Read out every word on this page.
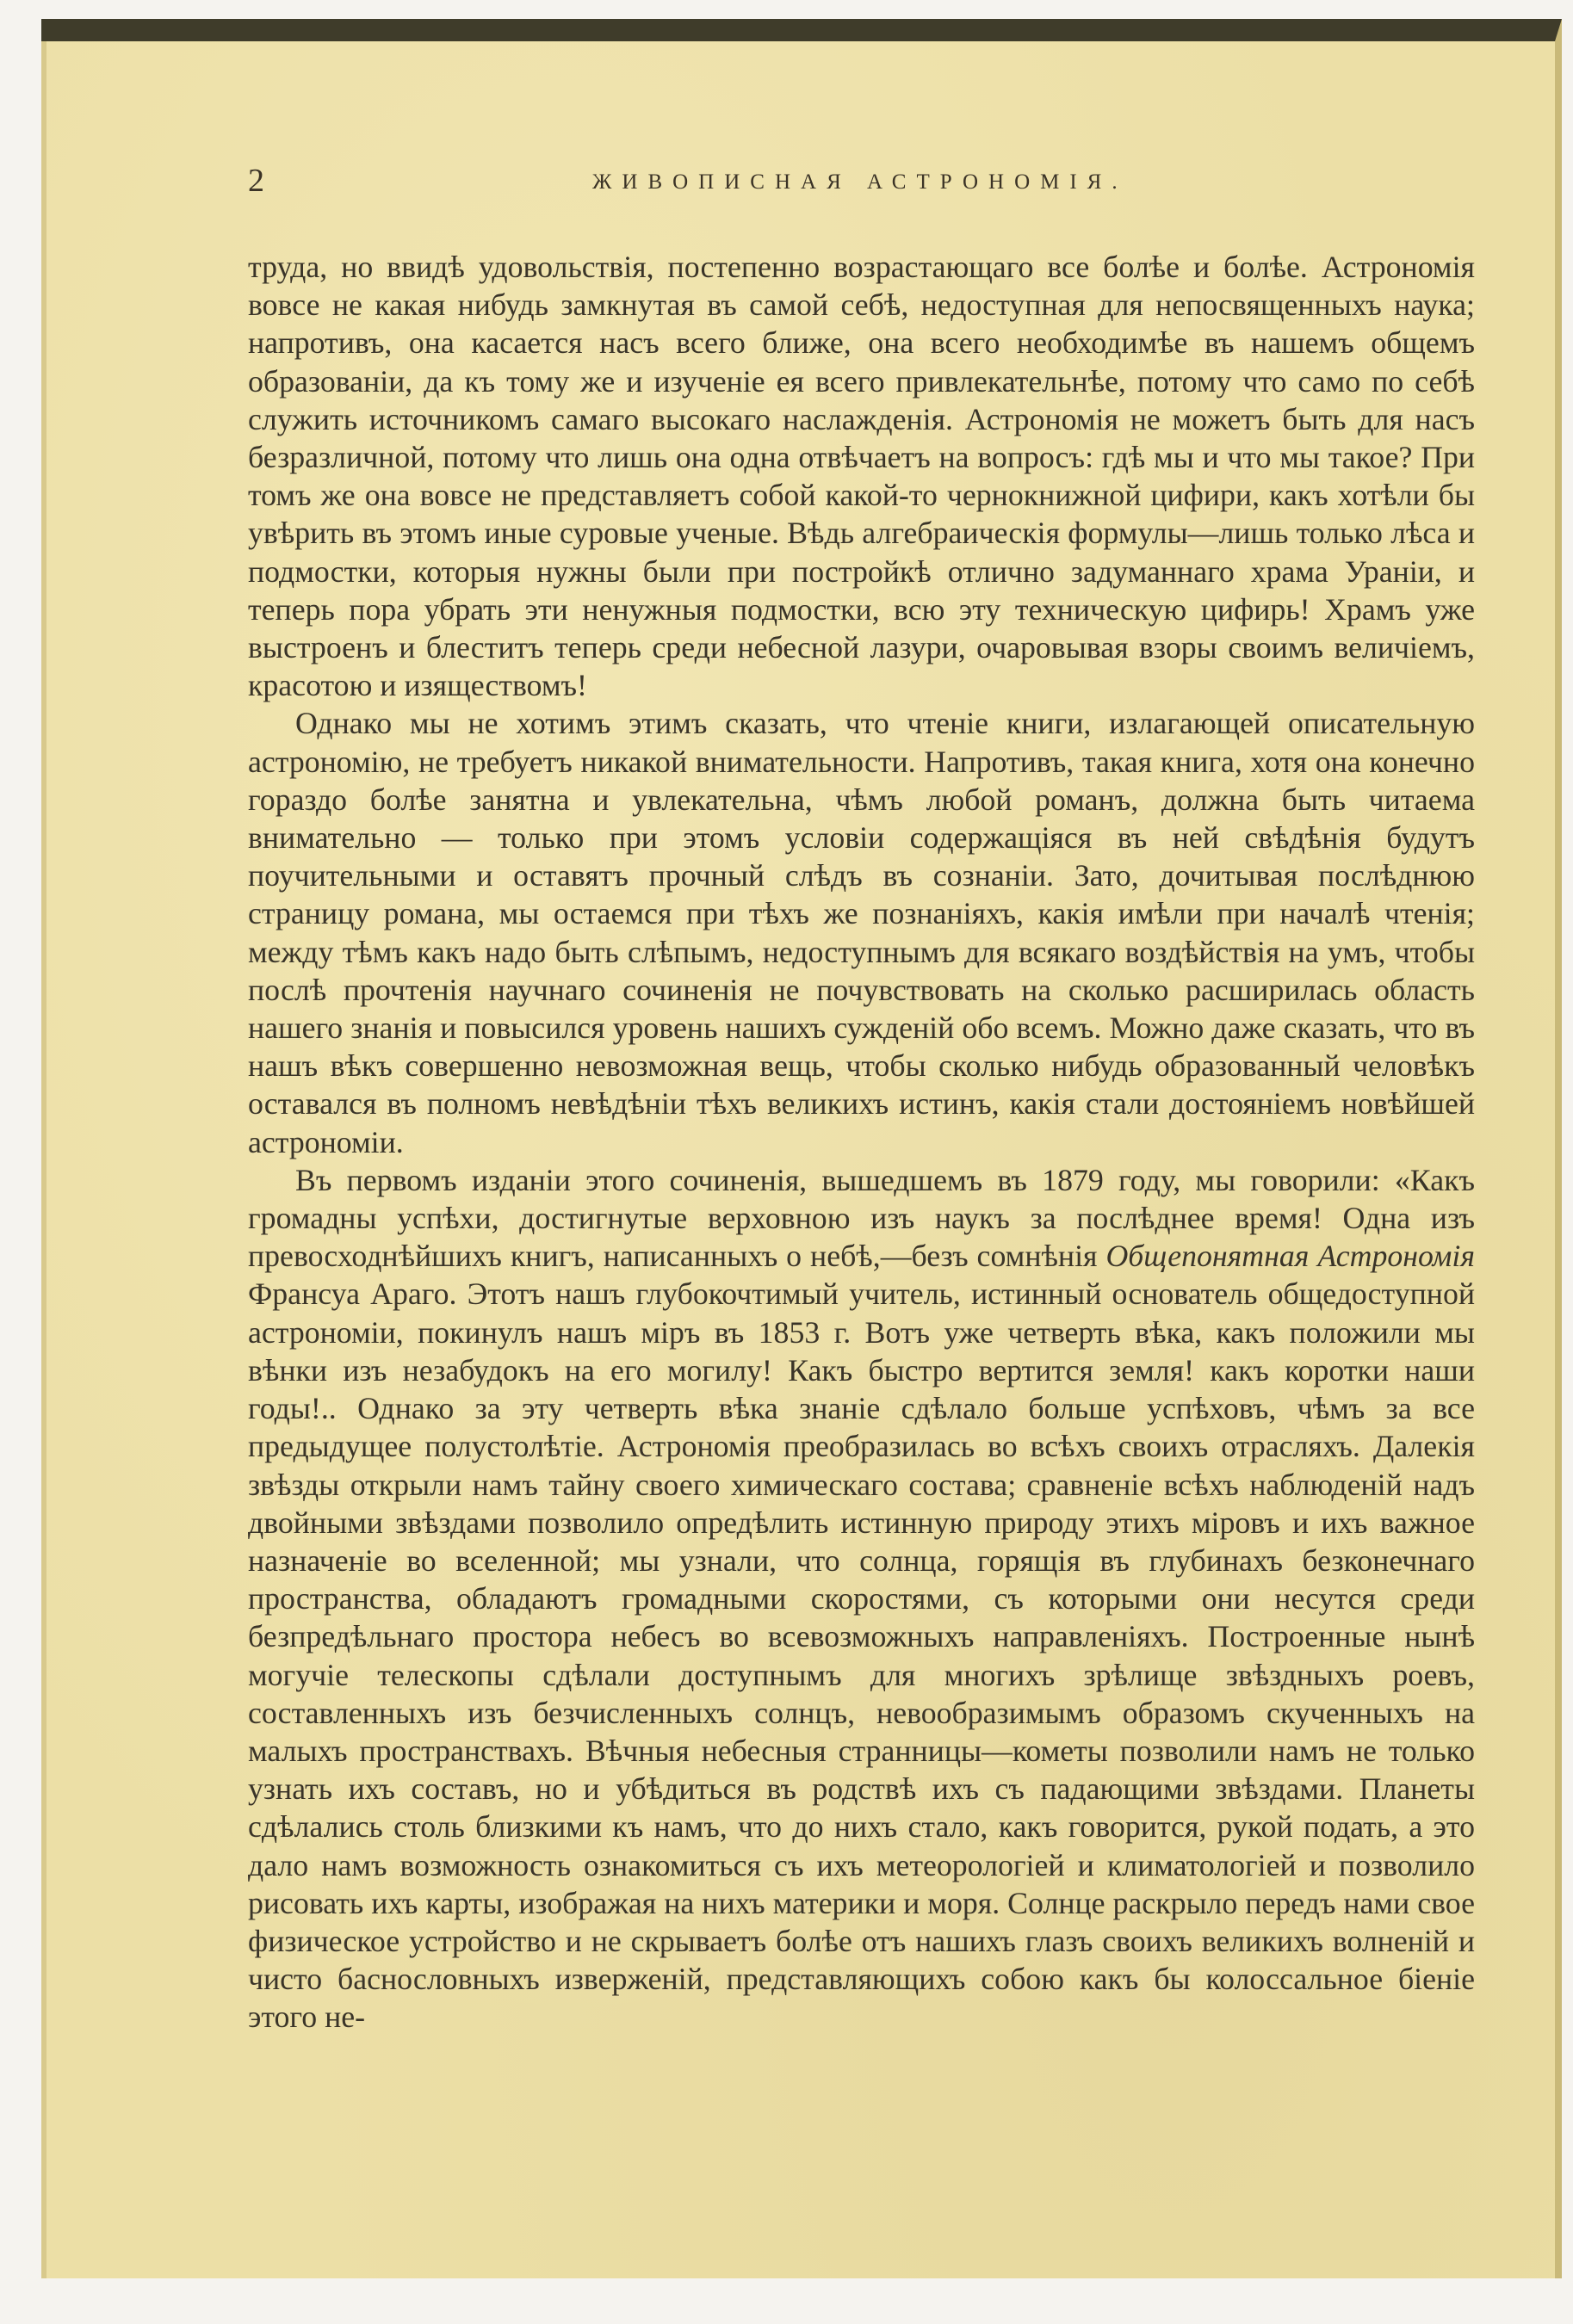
2	ЖИВОПИСНАЯ АСТРОНОМІЯ.

труда, но ввидѣ удовольствія, постепенно возрастающаго все болѣе и болѣе. Астрономія вовсе не какая нибудь замкнутая въ самой себѣ, недоступная для непосвященныхъ наука; напротивъ, она касается насъ всего ближе, она всего необходимѣе въ нашемъ общемъ образованіи, да къ тому же и изученіе ея всего привлекательнѣе, потому что само по себѣ служить источникомъ самаго высокаго наслажденія. Астрономія не можетъ быть для насъ безразличной, потому что лишь она одна отвѣчаетъ на вопросъ: гдѣ мы и что мы такое? При томъ же она вовсе не представляетъ собой какой-то чернокнижной цифири, какъ хотѣли бы увѣрить въ этомъ иные суровые ученые. Вѣдь алгебраическія формулы—лишь только лѣса и подмостки, которыя нужны были при постройкѣ отлично задуманнаго храма Ураніи, и теперь пора убрать эти ненужныя подмостки, всю эту техническую цифирь! Храмъ уже выстроенъ и блеститъ теперь среди небесной лазури, очаровывая взоры своимъ величіемъ, красотою и изяществомъ!

Однако мы не хотимъ этимъ сказать, что чтеніе книги, излагающей описательную астрономію, не требуетъ никакой внимательности. Напротивъ, такая книга, хотя она конечно гораздо болѣе занятна и увлекательна, чѣмъ любой романъ, должна быть читаема внимательно — только при этомъ условіи содержащіяся въ ней свѣдѣнія будутъ поучительными и оставятъ прочный слѣдъ въ сознаніи. Зато, дочитывая послѣднюю страницу романа, мы остаемся при тѣхъ же познаніяхъ, какія имѣли при началѣ чтенія; между тѣмъ какъ надо быть слѣпымъ, недоступнымъ для всякаго воздѣйствія на умъ, чтобы послѣ прочтенія научнаго сочиненія не почувствовать на сколько расширилась область нашего знанія и повысился уровень нашихъ сужденій обо всемъ. Можно даже сказать, что въ нашъ вѣкъ совершенно невозможная вещь, чтобы сколько нибудь образованный человѣкъ оставался въ полномъ невѣдѣніи тѣхъ великихъ истинъ, какія стали достояніемъ новѣйшей астрономіи.

Въ первомъ изданіи этого сочиненія, вышедшемъ въ 1879 году, мы говорили: «Какъ громадны успѣхи, достигнутые верховною изъ наукъ за послѣднее время! Одна изъ превосходнѣйшихъ книгъ, написанныхъ о небѣ,—безъ сомнѣнія Общепонятная Астрономія Франсуа Араго. Этотъ нашъ глубокочтимый учитель, истинный основатель общедоступной астрономіи, покинулъ нашъ міръ въ 1853 г. Вотъ уже четверть вѣка, какъ положили мы вѣнки изъ незабудокъ на его могилу! Какъ быстро вертится земля! какъ коротки наши годы!.. Однако за эту четверть вѣка знаніе сдѣлало больше успѣховъ, чѣмъ за все предыдущее полустолѣтіе. Астрономія преобразилась во всѣхъ своихъ отрасляхъ. Далекія звѣзды открыли намъ тайну своего химическаго состава; сравненіе всѣхъ наблюденій надъ двойными звѣздами позволило опредѣлить истинную природу этихъ міровъ и ихъ важное назначеніе во вселенной; мы узнали, что солнца, горящія въ глубинахъ безконечнаго пространства, обладаютъ громадными скоростями, съ которыми они несутся среди безпредѣльнаго простора небесъ во всевозможныхъ направленіяхъ. Построенные нынѣ могучіе телескопы сдѣлали доступнымъ для многихъ зрѣлище звѣздныхъ роевъ, составленныхъ изъ безчисленныхъ солнцъ, невообразимымъ образомъ скученныхъ на малыхъ пространствахъ. Вѣчныя небесныя странницы—кометы позволили намъ не только узнать ихъ составъ, но и убѣдиться въ родствѣ ихъ съ падающими звѣздами. Планеты сдѣлались столь близкими къ намъ, что до нихъ стало, какъ говорится, рукой подать, а это дало намъ возможность ознакомиться съ ихъ метеорологіей и климатологіей и позволило рисовать ихъ карты, изображая на нихъ материки и моря. Солнце раскрыло передъ нами свое физическое устройство и не скрываетъ болѣе отъ нашихъ глазъ своихъ великихъ волненій и чисто баснословныхъ изверженій, представляющихъ собою какъ бы колоссальное біеніе этого не-
